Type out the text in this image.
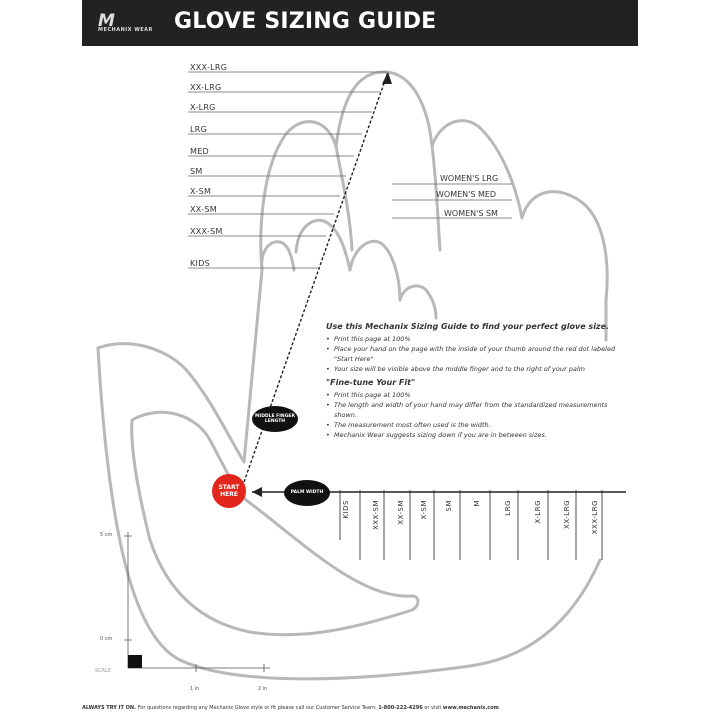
M
MECHANIX WEAR GLOVE SIZING GUIDE
XXX-LRG
XX-LRG
X-LRG
LRG
MED
SM
X-SM
XX-SM
XXX-SM
KIDS
WOMEN'S LRG
WOMEN'S MED
WOMEN'S SM

Use this Mechanix Sizing Guide to find your perfect glove size.

• Print this page at 100%
• Place your hand on the page with the inside of your thumb around the red dot labeled "Start Here"
• Your size will be visible above the middle finger and to the right of your palm

"Fine-tune Your Fit"

• Print this page at 100%
• The length and width of your hand may differ from the standardized measurements shown.
• The measurement most often used is the width.
• Mechanix Wear suggests sizing down if you are in between sizes.
MIDDLE FINGER LENGTH
PALM WIDTH
START HERE
KIDS	XXX-SM XX-SM X-SM SM	M	LRG	X-LRG	XX-LRG	XXX-LRG
5 cm
0 cm
SCALE
1 in	2 in
ALWAYS TRY IT ON. For questions regarding any Mechanix Glove style or fit please call our Customer Service Team: 1-800-222-4296 or visit www.mechanix.com
